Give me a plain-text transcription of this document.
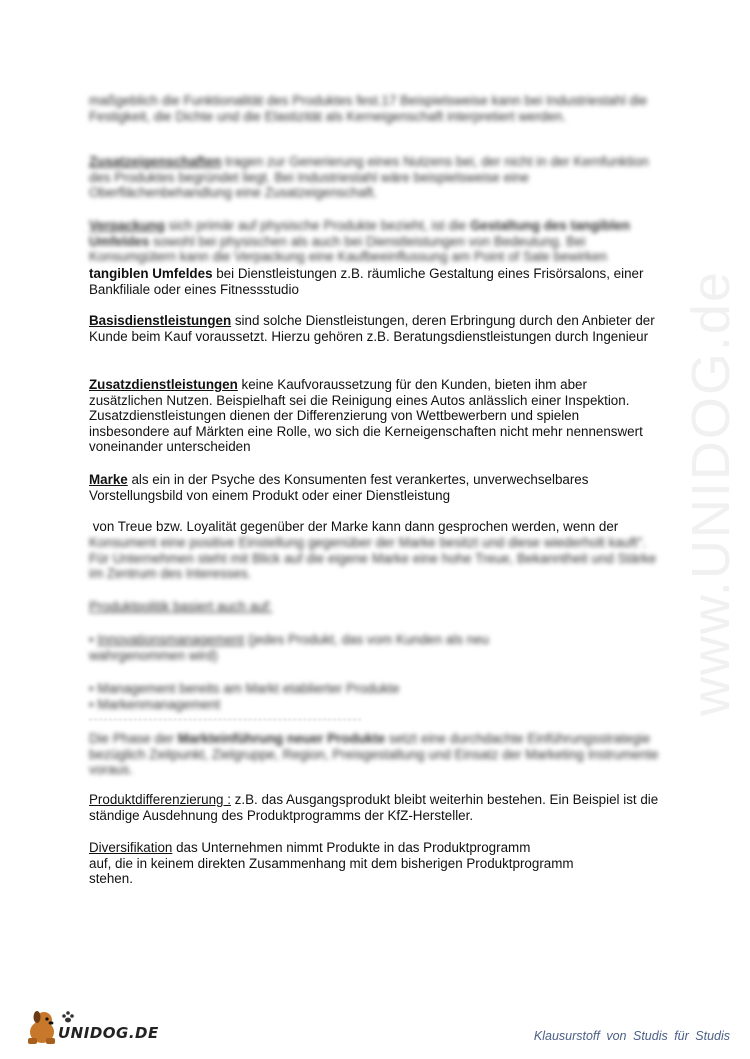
www.UNIDOG.de
maßgeblich die Funktionalität des Produktes fest.17 Beispielsweise kann bei Industriestahl die Festigkeit, die Dichte und die Elastizität als Kerneigenschaft interpretiert werden.
Zusatzeigenschaften tragen zur Generierung eines Nutzens bei, der nicht in der Kernfunktion des Produktes begründet liegt. Bei Industriestahl wäre beispielsweise eine Oberflächenbehandlung eine Zusatzeigenschaft.
Verpackung sich primär auf physische Produkte bezieht, ist die Gestaltung des tangiblen Umfeldes sowohl bei physischen als auch bei Dienstleistungen von Bedeutung. Bei Konsumgütern kann die Verpackung eine Kaufbeeinflussung am Point of Sale bewirken
tangiblen Umfeldes bei Dienstleistungen z.B. räumliche Gestaltung eines Frisörsalons, einer Bankfiliale oder eines Fitnessstudio
Basisdienstleistungen sind solche Dienstleistungen, deren Erbringung durch den Anbieter der Kunde beim Kauf voraussetzt. Hierzu gehören z.B. Beratungsdienstleistungen durch Ingenieur
Zusatzdienstleistungen keine Kaufvoraussetzung für den Kunden, bieten ihm aber zusätzlichen Nutzen. Beispielhaft sei die Reinigung eines Autos anlässlich einer Inspektion. Zusatzdienstleistungen dienen der Differenzierung von Wettbewerbern und spielen insbesondere auf Märkten eine Rolle, wo sich die Kerneigenschaften nicht mehr nennenswert voneinander unterscheiden
Marke als ein in der Psyche des Konsumenten fest verankertes, unverwechselbares Vorstellungsbild von einem Produkt oder einer Dienstleistung
von Treue bzw. Loyalität gegenüber der Marke kann dann gesprochen werden, wenn der
Konsument eine positive Einstellung gegenüber der Marke besitzt und diese wiederholt kauft". Für Unternehmen steht mit Blick auf die eigene Marke eine hohe Treue, Bekanntheit und Stärke im Zentrum des Interesses.
Produktpolitik basiert auch auf:
• Innovationsmanagement (jedes Produkt, das vom Kunden als neu wahrgenommen wird)
• Management bereits am Markt etablierter Produkte
• Markenmanagement
Die Phase der Markteinführung neuer Produkte setzt eine durchdachte Einführungsstrategie bezüglich Zeitpunkt, Zielgruppe, Region, Preisgestaltung und Einsatz der Marketing Instrumente voraus.
Produktdifferenzierung : z.B. das Ausgangsprodukt bleibt weiterhin bestehen. Ein Beispiel ist die ständige Ausdehnung des Produktprogramms der KfZ-Hersteller.
Diversifikation das Unternehmen nimmt Produkte in das Produktprogramm
auf, die in keinem direkten Zusammenhang mit dem bisherigen Produktprogramm
stehen.
UNIDOG.DE	Klausurstoff von Studis für Studis
